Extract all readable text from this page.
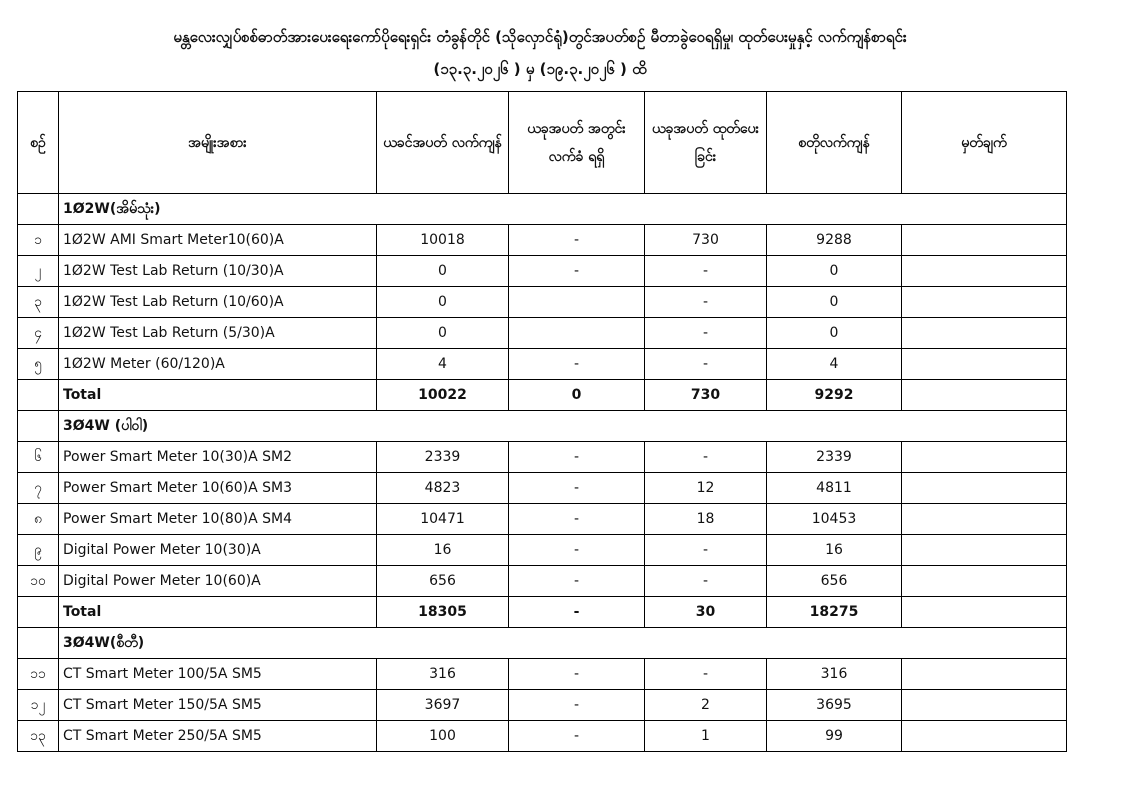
မန္တလေးလျှပ်စစ်ဓာတ်အားပေးရေးကော်ပိုရေးရှင်း တံခွန်တိုင် (သိုလှောင်ရုံ)တွင်အပတ်စဉ် မီတာခွဲဝေရရှိမှု၊ ထုတ်ပေးမှုနှင့် လက်ကျန်စာရင်း
(၁၃.၃.၂၀၂၆ ) မှ (၁၉.၃.၂၀၂၆ ) ထိ
စဉ်	အမျိုးအစား	ယခင်အပတ် လက်ကျန်	ယခုအပတ် အတွင်းလက်ခံ ရရှိ	ယခုအပတ် ထုတ်ပေးခြင်း	စတိုလက်ကျန်	မှတ်ချက်
	1Ø2W(အိမ်သုံး)					
၁	1Ø2W AMI Smart Meter10(60)A	10018	-	730	9288	
၂	1Ø2W Test Lab Return (10/30)A	0	-	-	0	
၃	1Ø2W Test Lab Return (10/60)A	0		-	0	
၄	1Ø2W Test Lab Return (5/30)A	0		-	0	
၅	1Ø2W Meter (60/120)A	4	-	-	4	
	Total	10022	0	730	9292	
	3Ø4W (ပါဝါ)					
၆	Power Smart Meter 10(30)A SM2	2339	-	-	2339	
၇	Power Smart Meter 10(60)A SM3	4823	-	12	4811	
၈	Power Smart Meter 10(80)A SM4	10471	-	18	10453	
၉	Digital Power Meter 10(30)A	16	-	-	16	
၁၀	Digital Power Meter 10(60)A	656	-	-	656	
	Total	18305	-	30	18275	
	3Ø4W(စီတီ)					
၁၁	CT Smart Meter 100/5A SM5	316	-	-	316	
၁၂	CT Smart Meter 150/5A SM5	3697	-	2	3695	
၁၃	CT Smart Meter 250/5A SM5	100	-	1	99	
